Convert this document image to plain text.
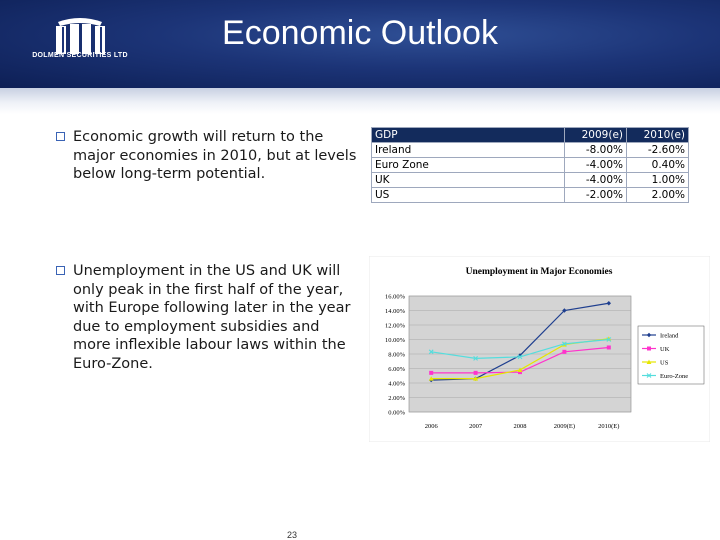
DOLMEN SECURITIES LTD
Economic Outlook
Economic growth will return to the major economies in 2010, but at levels below long-term potential.
Unemployment in the US and UK will only peak in the first half of the year, with Europe following later in the year due to employment subsidies and more inflexible labour laws within the Euro-Zone.
GDP	2009(e)	2010(e)
Ireland	-8.00%	-2.60%
Euro Zone	-4.00%	0.40%
UK	-4.00%	1.00%
US	-2.00%	2.00%
Unemployment in Major Economies
0.00%
2.00%
4.00%
6.00%
8.00%
10.00%
12.00%
14.00%
16.00%
2006	2007	2008	2009(E)	2010(E)
Ireland
UK
US
Euro-Zone
23
